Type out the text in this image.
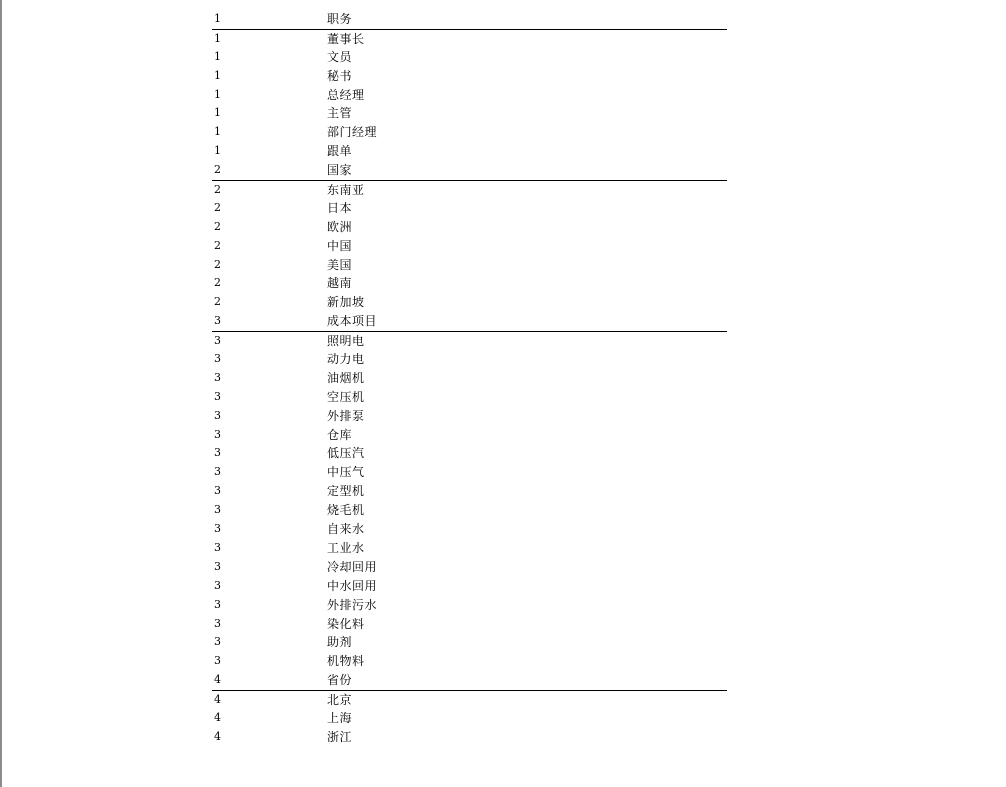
1	职务
1	董事长
1	文员
1	秘书
1	总经理
1	主管
1	部门经理
1	跟单
2	国家
2	东南亚
2	日本
2	欧洲
2	中国
2	美国
2	越南
2	新加坡
3	成本项目
3	照明电
3	动力电
3	油烟机
3	空压机
3	外排泵
3	仓库
3	低压汽
3	中压气
3	定型机
3	烧毛机
3	自来水
3	工业水
3	冷却回用
3	中水回用
3	外排污水
3	染化料
3	助剂
3	机物料
4	省份
4	北京
4	上海
4	浙江
